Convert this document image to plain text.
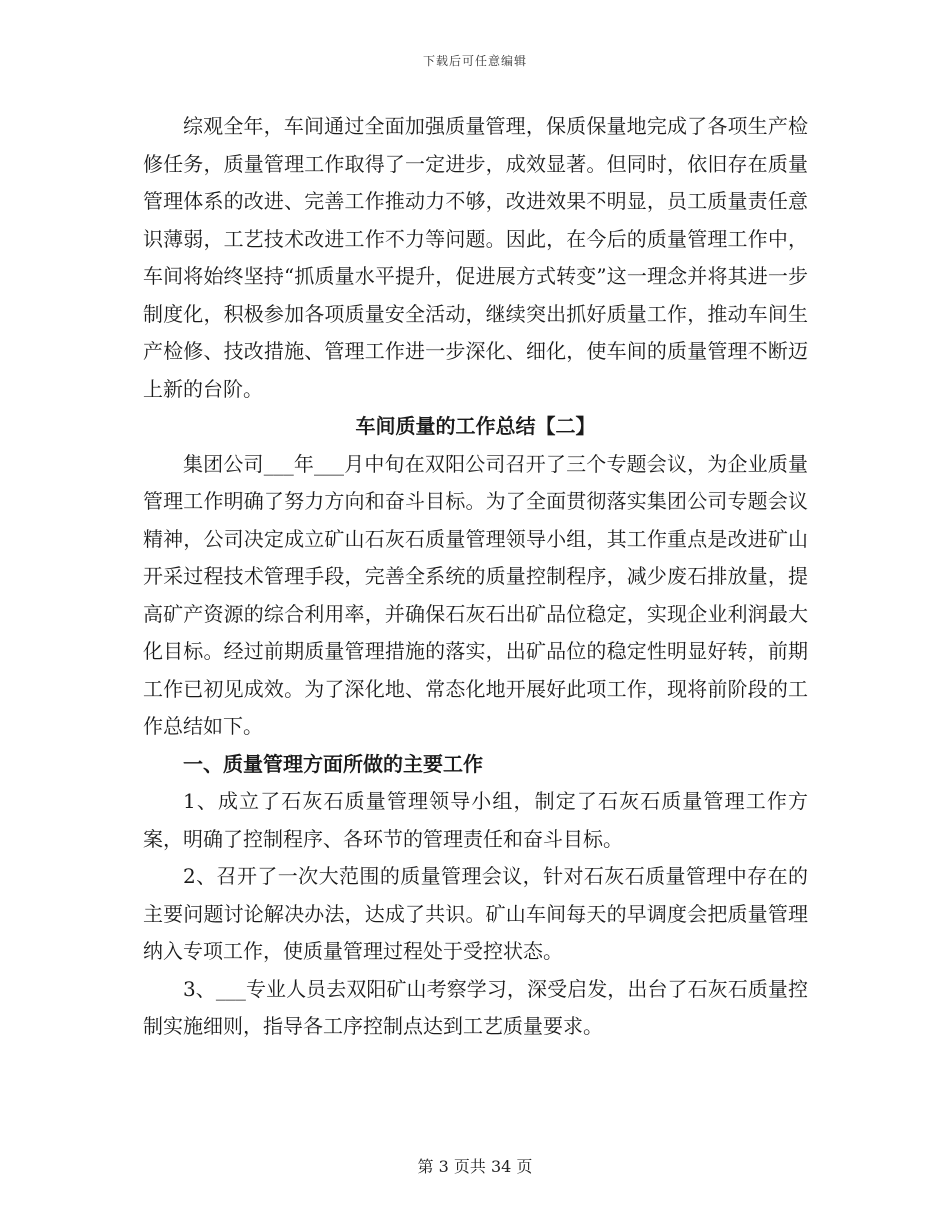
下载后可任意编辑

综观全年，车间通过全面加强质量管理，保质保量地完成了各项生产检修任务，质量管理工作取得了一定进步，成效显著。但同时，依旧存在质量管理体系的改进、完善工作推动力不够，改进效果不明显，员工质量责任意识薄弱，工艺技术改进工作不力等问题。因此，在今后的质量管理工作中，车间将始终坚持“抓质量水平提升，促进展方式转变”这一理念并将其进一步制度化，积极参加各项质量安全活动，继续突出抓好质量工作，推动车间生产检修、技改措施、管理工作进一步深化、细化，使车间的质量管理不断迈上新的台阶。

车间质量的工作总结【二】

集团公司___年___月中旬在双阳公司召开了三个专题会议，为企业质量管理工作明确了努力方向和奋斗目标。为了全面贯彻落实集团公司专题会议精神，公司决定成立矿山石灰石质量管理领导小组，其工作重点是改进矿山开采过程技术管理手段，完善全系统的质量控制程序，减少废石排放量，提高矿产资源的综合利用率，并确保石灰石出矿品位稳定，实现企业利润最大化目标。经过前期质量管理措施的落实，出矿品位的稳定性明显好转，前期工作已初见成效。为了深化地、常态化地开展好此项工作，现将前阶段的工作总结如下。

一、质量管理方面所做的主要工作

1、成立了石灰石质量管理领导小组，制定了石灰石质量管理工作方案，明确了控制程序、各环节的管理责任和奋斗目标。

2、召开了一次大范围的质量管理会议，针对石灰石质量管理中存在的主要问题讨论解决办法，达成了共识。矿山车间每天的早调度会把质量管理纳入专项工作，使质量管理过程处于受控状态。

3、___专业人员去双阳矿山考察学习，深受启发，出台了石灰石质量控制实施细则，指导各工序控制点达到工艺质量要求。

第 3 页共 34 页
